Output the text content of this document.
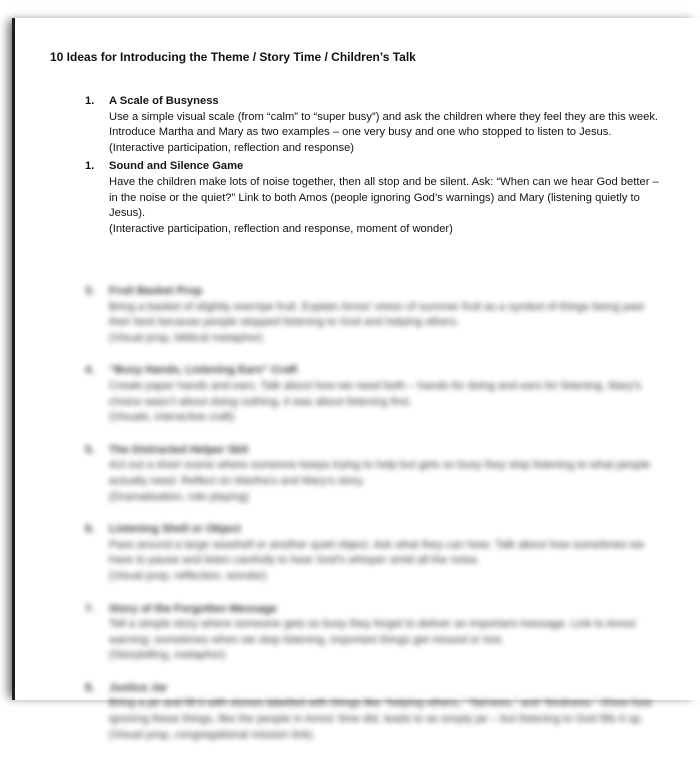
10 Ideas for Introducing the Theme / Story Time / Children’s Talk
1. A Scale of Busyness
Use a simple visual scale (from “calm” to “super busy”) and ask the children where they feel they are this week. Introduce Martha and Mary as two examples – one very busy and one who stopped to listen to Jesus.
(Interactive participation, reflection and response)
1. Sound and Silence Game
Have the children make lots of noise together, then all stop and be silent. Ask: “When can we hear God better – in the noise or the quiet?” Link to both Amos (people ignoring God’s warnings) and Mary (listening quietly to Jesus).
(Interactive participation, reflection and response, moment of wonder)
3. Fruit Basket Prop
Bring a basket of slightly overripe fruit. Explain Amos’ vision of summer fruit as a symbol of things being past their best because people stopped listening to God and helping others.
(Visual prop, biblical metaphor)
4. “Busy Hands, Listening Ears” Craft
Create paper hands and ears. Talk about how we need both – hands for doing and ears for listening. Mary’s choice wasn’t about doing nothing, it was about listening first.
(Visuals, interactive craft)
5. The Distracted Helper Skit
Act out a short scene where someone keeps trying to help but gets so busy they stop listening to what people actually need. Reflect on Martha’s and Mary’s story.
(Dramatisation, role playing)
6. Listening Shell or Object
Pass around a large seashell or another quiet object. Ask what they can hear. Talk about how sometimes we have to pause and listen carefully to hear God’s whisper amid all the noise.
(Visual prop, reflection, wonder)
7. Story of the Forgotten Message
Tell a simple story where someone gets so busy they forget to deliver an important message. Link to Amos’ warning: sometimes when we stop listening, important things get missed or lost.
(Storytelling, metaphor)
8. Justice Jar
Bring a jar and fill it with stones labelled with things like “helping others,” “fairness,” and “kindness.” Show how ignoring these things, like the people in Amos’ time did, leads to an empty jar – but listening to God fills it up.
(Visual prop, congregational mission link)
